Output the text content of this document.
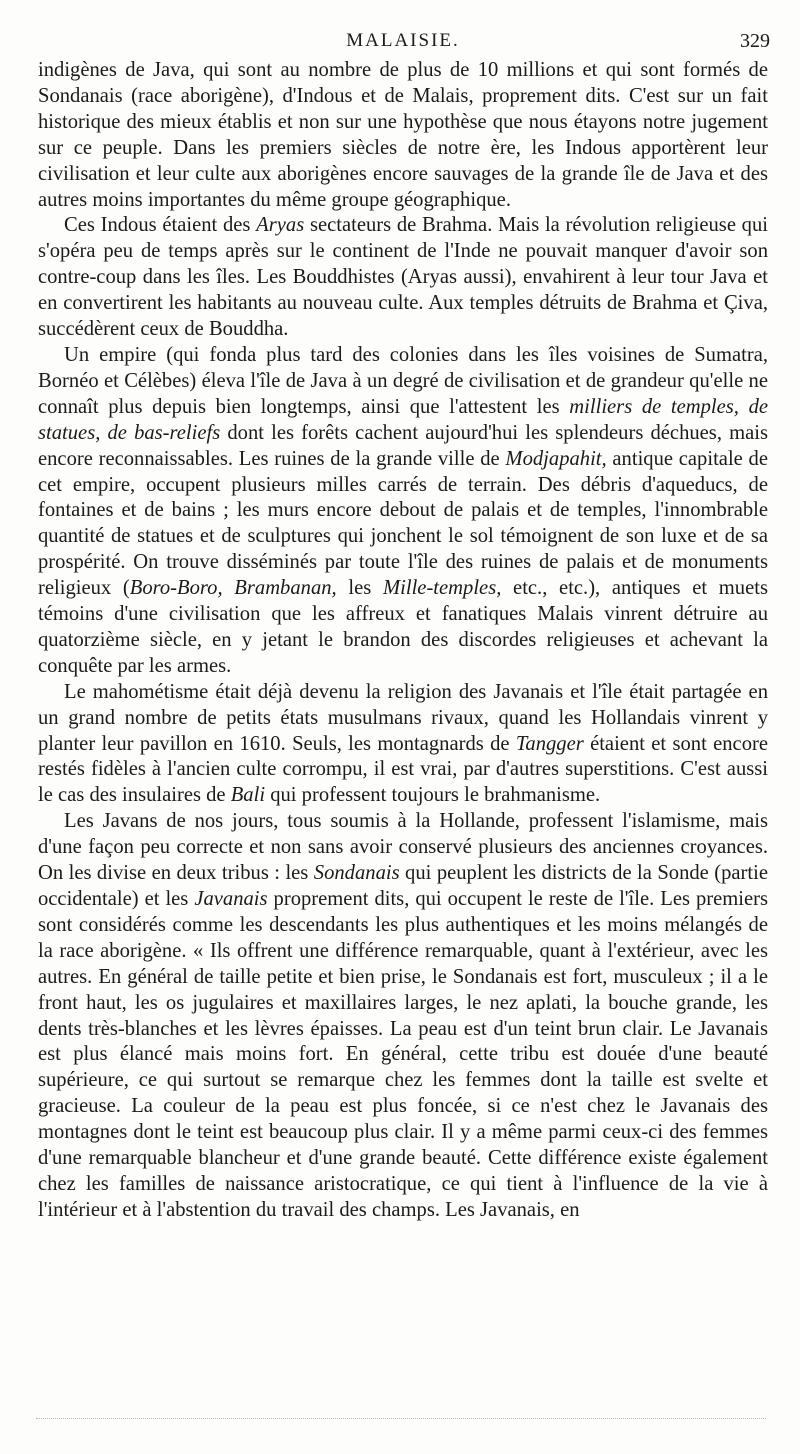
MALAISIE.	329

indigènes de Java, qui sont au nombre de plus de 10 millions et qui sont formés de Sondanais (race aborigène), d'Indous et de Malais, proprement dits. C'est sur un fait historique des mieux établis et non sur une hypothèse que nous étayons notre jugement sur ce peuple. Dans les premiers siècles de notre ère, les Indous apportèrent leur civilisation et leur culte aux aborigènes encore sauvages de la grande île de Java et des autres moins importantes du même groupe géographique.

Ces Indous étaient des Aryas sectateurs de Brahma. Mais la révolution religieuse qui s'opéra peu de temps après sur le continent de l'Inde ne pouvait manquer d'avoir son contre-coup dans les îles. Les Bouddhistes (Aryas aussi), envahirent à leur tour Java et en convertirent les habitants au nouveau culte. Aux temples détruits de Brahma et Çiva, succédèrent ceux de Bouddha.

Un empire (qui fonda plus tard des colonies dans les îles voisines de Sumatra, Bornéo et Célèbes) éleva l'île de Java à un degré de civilisation et de grandeur qu'elle ne connaît plus depuis bien longtemps, ainsi que l'attestent les milliers de temples, de statues, de bas-reliefs dont les forêts cachent aujourd'hui les splendeurs déchues, mais encore reconnaissables. Les ruines de la grande ville de Modjapahit, antique capitale de cet empire, occupent plusieurs milles carrés de terrain. Des débris d'aqueducs, de fontaines et de bains ; les murs encore debout de palais et de temples, l'innombrable quantité de statues et de sculptures qui jonchent le sol témoignent de son luxe et de sa prospérité. On trouve disséminés par toute l'île des ruines de palais et de monuments religieux (Boro-Boro, Brambanan, les Mille-temples, etc., etc.), antiques et muets témoins d'une civilisation que les affreux et fanatiques Malais vinrent détruire au quatorzième siècle, en y jetant le brandon des discordes religieuses et achevant la conquête par les armes.

Le mahométisme était déjà devenu la religion des Javanais et l'île était partagée en un grand nombre de petits états musulmans rivaux, quand les Hollandais vinrent y planter leur pavillon en 1610. Seuls, les montagnards de Tangger étaient et sont encore restés fidèles à l'ancien culte corrompu, il est vrai, par d'autres superstitions. C'est aussi le cas des insulaires de Bali qui professent toujours le brahmanisme.

Les Javans de nos jours, tous soumis à la Hollande, professent l'islamisme, mais d'une façon peu correcte et non sans avoir conservé plusieurs des anciennes croyances. On les divise en deux tribus : les Sondanais qui peuplent les districts de la Sonde (partie occidentale) et les Javanais proprement dits, qui occupent le reste de l'île. Les premiers sont considérés comme les descendants les plus authentiques et les moins mélangés de la race aborigène. « Ils offrent une différence remarquable, quant à l'extérieur, avec les autres. En général de taille petite et bien prise, le Sondanais est fort, musculeux ; il a le front haut, les os jugulaires et maxillaires larges, le nez aplati, la bouche grande, les dents très-blanches et les lèvres épaisses. La peau est d'un teint brun clair. Le Javanais est plus élancé mais moins fort. En général, cette tribu est douée d'une beauté supérieure, ce qui surtout se remarque chez les femmes dont la taille est svelte et gracieuse. La couleur de la peau est plus foncée, si ce n'est chez le Javanais des montagnes dont le teint est beaucoup plus clair. Il y a même parmi ceux-ci des femmes d'une remarquable blancheur et d'une grande beauté. Cette différence existe également chez les familles de naissance aristocratique, ce qui tient à l'influence de la vie à l'intérieur et à l'abstention du travail des champs. Les Javanais, en
